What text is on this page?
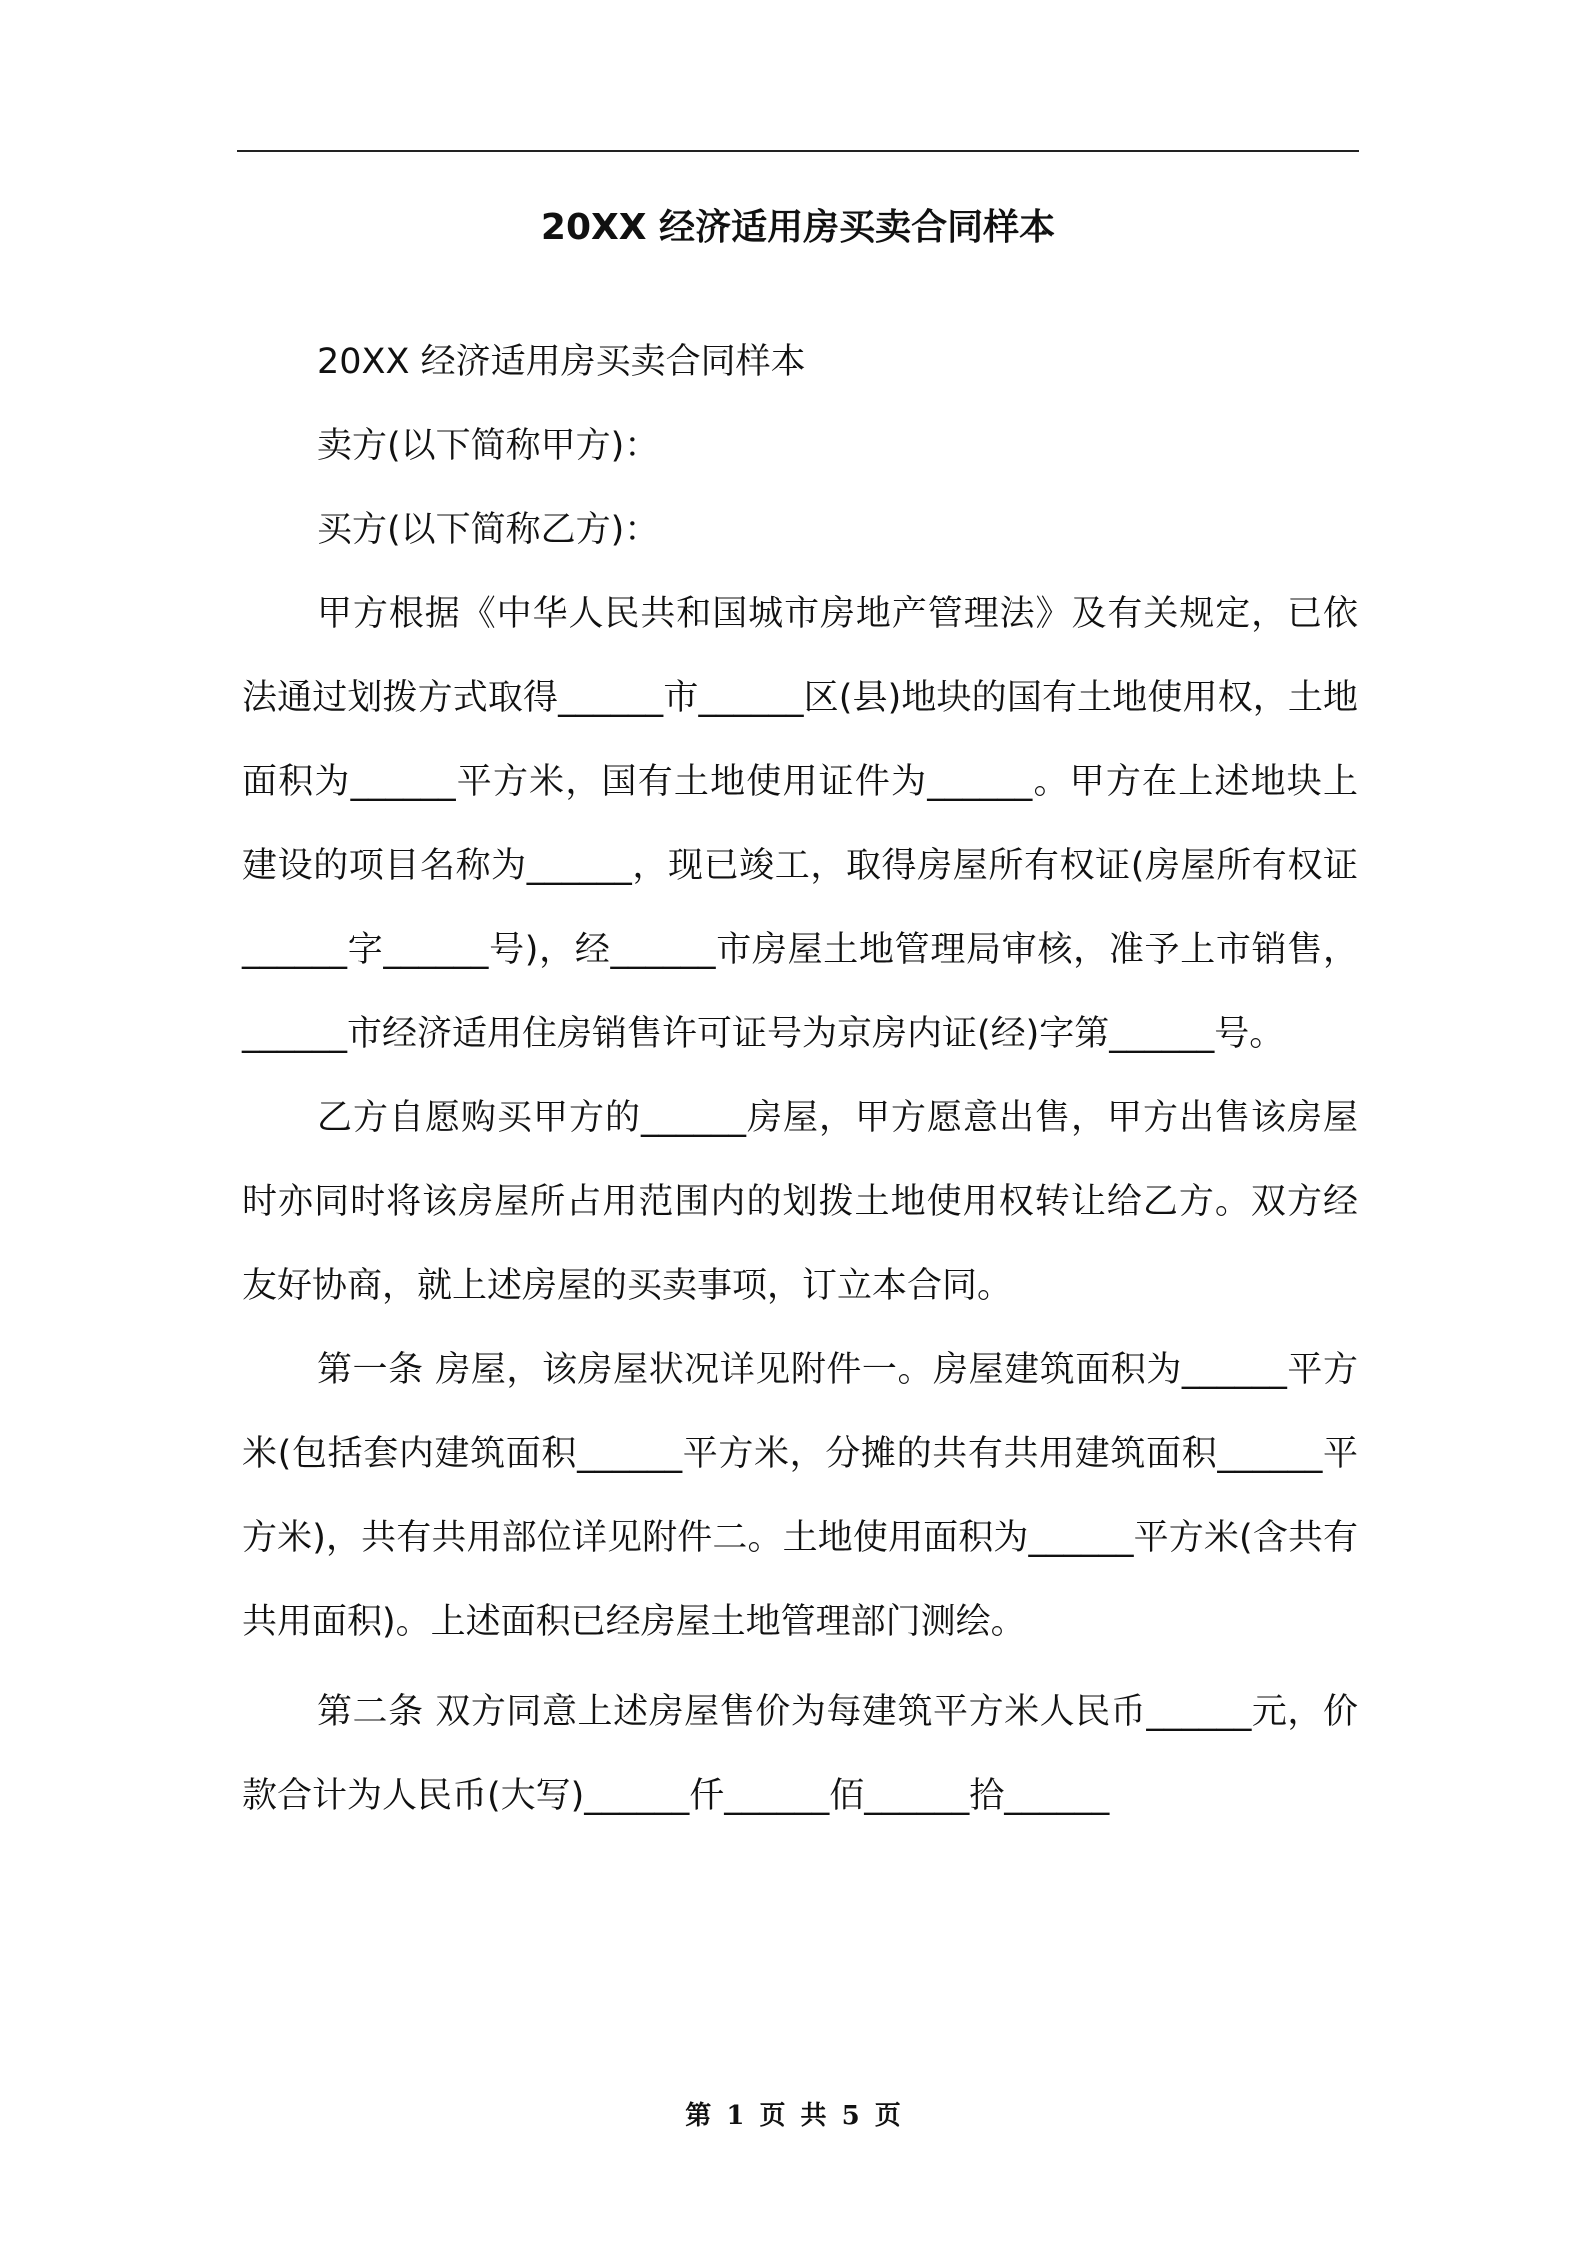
20XX 经济适用房买卖合同样本

20XX 经济适用房买卖合同样本

卖方(以下简称甲方)：

买方(以下简称乙方)：

甲方根据《中华人民共和国城市房地产管理法》及有关规定，已依法通过划拨方式取得______市______区(县)地块的国有土地使用权，土地面积为______平方米，国有土地使用证件为______。甲方在上述地块上建设的项目名称为______，现已竣工，取得房屋所有权证(房屋所有权证______字______号)，经______市房屋土地管理局审核，准予上市销售，______市经济适用住房销售许可证号为京房内证(经)字第______号。

乙方自愿购买甲方的______房屋，甲方愿意出售，甲方出售该房屋时亦同时将该房屋所占用范围内的划拨土地使用权转让给乙方。双方经友好协商，就上述房屋的买卖事项，订立本合同。

第一条 房屋，该房屋状况详见附件一。房屋建筑面积为______平方米(包括套内建筑面积______平方米，分摊的共有共用建筑面积______平方米)，共有共用部位详见附件二。土地使用面积为______平方米(含共有共用面积)。上述面积已经房屋土地管理部门测绘。

第二条 双方同意上述房屋售价为每建筑平方米人民币______元，价款合计为人民币(大写)______仟______佰______拾______

第 1 页 共 5 页
